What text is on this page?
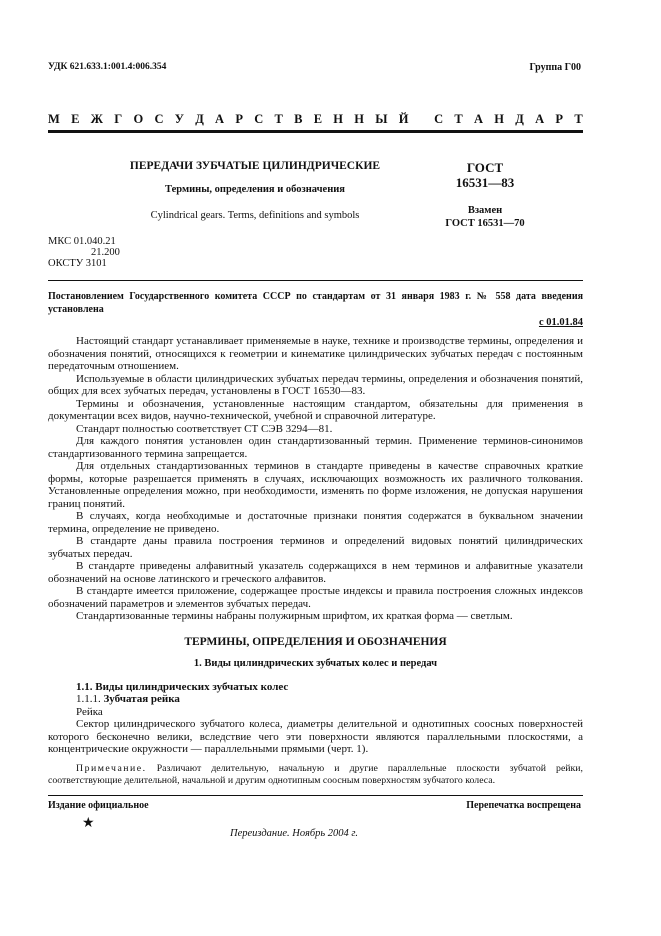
УДК 621.633.1:001.4:006.354	Группа Г00
М Е Ж Г О С У Д А Р С Т В Е Н Н Ы Й
С Т А Н Д А Р Т
ПЕРЕДАЧИ ЗУБЧАТЫЕ ЦИЛИНДРИЧЕСКИЕ
Термины, определения и обозначения
Cylindrical gears. Terms, definitions and symbols
ГОСТ
16531—83
Взамен
ГОСТ 16531—70
МКС 01.040.21
21.200
ОКСТУ 3101
Постановлением Государственного комитета СССР по стандартам от 31 января 1983 г. № 558 дата введения установлена
с 01.01.84

Настоящий стандарт устанавливает применяемые в науке, технике и производстве термины, определения и обозначения понятий, относящихся к геометрии и кинематике цилиндрических зубчатых передач с постоянным передаточным отношением.

Используемые в области цилиндрических зубчатых передач термины, определения и обозначения понятий, общих для всех зубчатых передач, установлены в ГОСТ 16530—83.

Термины и обозначения, установленные настоящим стандартом, обязательны для применения в документации всех видов, научно-технической, учебной и справочной литературе.

Стандарт полностью соответствует СТ СЭВ 3294—81.

Для каждого понятия установлен один стандартизованный термин. Применение терминов-синонимов стандартизованного термина запрещается.

Для отдельных стандартизованных терминов в стандарте приведены в качестве справочных краткие формы, которые разрешается применять в случаях, исключающих возможность их различного толкования. Установленные определения можно, при необходимости, изменять по форме изложения, не допуская нарушения границ понятий.

В случаях, когда необходимые и достаточные признаки понятия содержатся в буквальном значении термина, определение не приведено.

В стандарте даны правила построения терминов и определений видовых понятий цилиндрических зубчатых передач.

В стандарте приведены алфавитный указатель содержащихся в нем терминов и алфавитные указатели обозначений на основе латинского и греческого алфавитов.

В стандарте имеется приложение, содержащее простые индексы и правила построения сложных индексов обозначений параметров и элементов зубчатых передач.

Стандартизованные термины набраны полужирным шрифтом, их краткая форма — светлым.

ТЕРМИНЫ, ОПРЕДЕЛЕНИЯ И ОБОЗНАЧЕНИЯ

1. Виды цилиндрических зубчатых колес и передач

1.1. Виды цилиндрических зубчатых колес

1.1.1. Зубчатая рейка

Рейка

Сектор цилиндрического зубчатого колеса, диаметры делительной и однотипных соосных поверхностей которого бесконечно велики, вследствие чего эти поверхности являются параллельными плоскостями, а концентрические окружности — параллельными прямыми (черт. 1).

Примечание. Различают делительную, начальную и другие параллельные плоскости зубчатой рейки, соответствующие делительной, начальной и другим однотипным соосным поверхностям зубчатого колеса.

Издание официальное	Перепечатка воспрещена
★
Переиздание. Ноябрь 2004 г.
